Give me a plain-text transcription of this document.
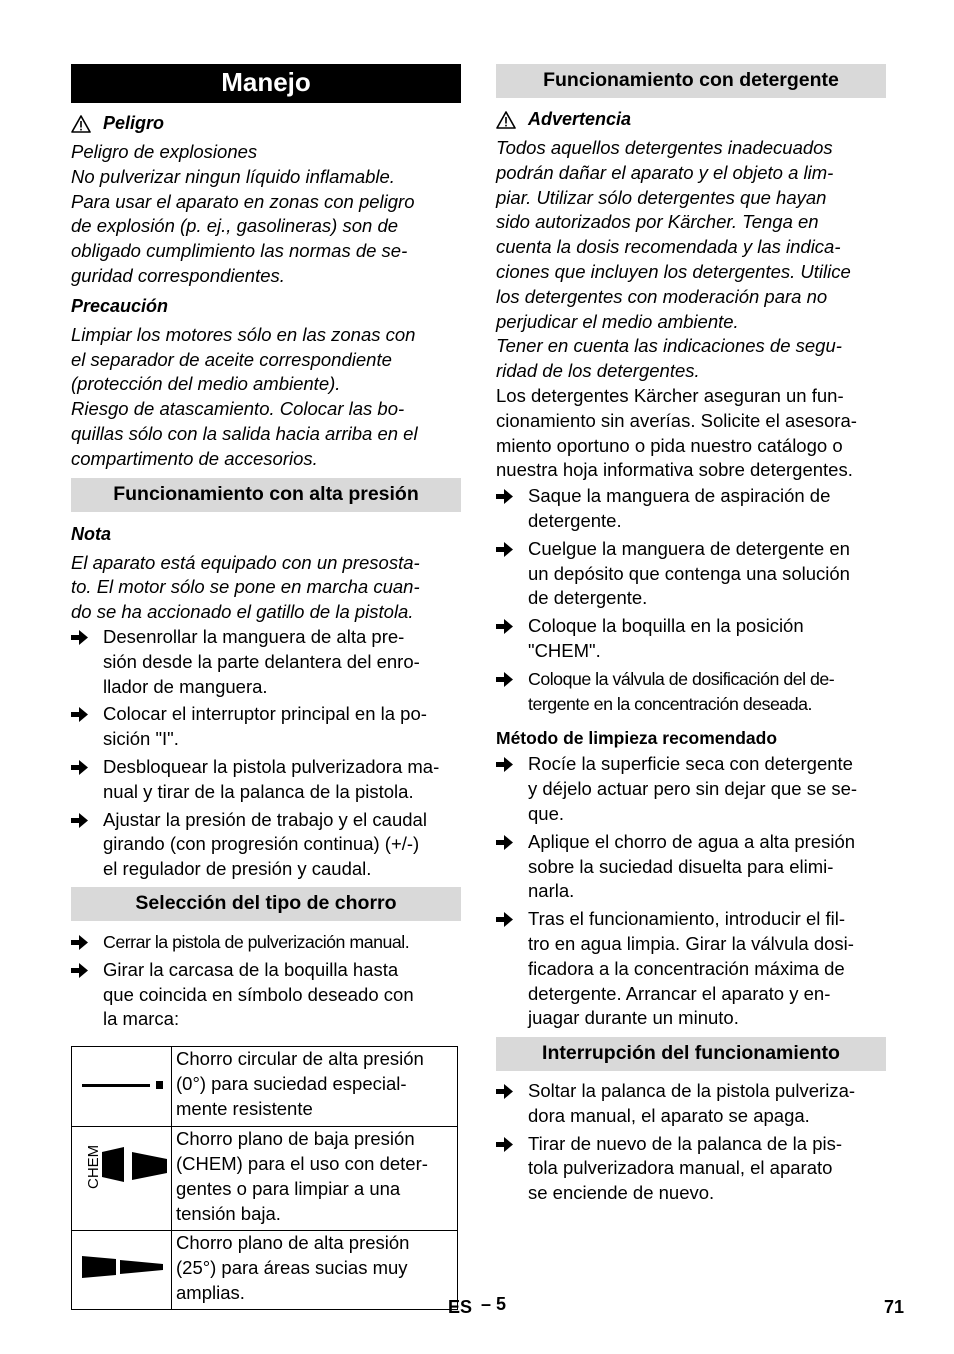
Manejo
Peligro

Peligro de explosiones
No pulverizar ningun líquido inflamable.
Para usar el aparato en zonas con peligro
de explosión (p. ej., gasolineras) son de
obligado cumplimiento las normas de se-
guridad correspondientes.

Precaución

Limpiar los motores sólo en las zonas con
el separador de aceite correspondiente
(protección del medio ambiente).
Riesgo de atascamiento. Colocar las bo-
quillas sólo con la salida hacia arriba en el
compartimento de accesorios.

Funcionamiento con alta presión
Nota

El aparato está equipado con un presosta-
to. El motor sólo se pone en marcha cuan-
do se ha accionado el gatillo de la pistola.

Desenrollar la manguera de alta pre-
sión desde la parte delantera del enro-
llador de manguera.
Colocar el interruptor principal en la po-
sición "I".
Desbloquear la pistola pulverizadora ma-
nual y tirar de la palanca de la pistola.
Ajustar la presión de trabajo y el caudal
girando (con progresión continua) (+/-)
el regulador de presión y caudal.
Selección del tipo de chorro
Cerrar la pistola de pulverización manual.
Girar la carcasa de la boquilla hasta
que coincida en símbolo deseado con
la marca:
	Chorro circular de alta presión
(0°) para suciedad especial-
mente resistente

CHEM	Chorro plano de baja presión
(CHEM) para el uso con deter-
gentes o para limpiar a una
tensión baja.

	Chorro plano de alta presión
(25°) para áreas sucias muy
amplias.
Funcionamiento con detergente
Advertencia

Todos aquellos detergentes inadecuados
podrán dañar el aparato y el objeto a lim-
piar. Utilizar sólo detergentes que hayan
sido autorizados por Kärcher. Tenga en
cuenta la dosis recomendada y las indica-
ciones que incluyen los detergentes. Utilice
los detergentes con moderación para no
perjudicar el medio ambiente.
Tener en cuenta las indicaciones de segu-
ridad de los detergentes.

Los detergentes Kärcher aseguran un fun-
cionamiento sin averías. Solicite el asesora-
miento oportuno o pida nuestro catálogo o
nuestra hoja informativa sobre detergentes.

Saque la manguera de aspiración de
detergente.
Cuelgue la manguera de detergente en
un depósito que contenga una solución
de detergente.
Coloque la boquilla en la posición
"CHEM".
Coloque la válvula de dosificación del de-
tergente en la concentración deseada.
Método de limpieza recomendado
Rocíe la superficie seca con detergente
y déjelo actuar pero sin dejar que se se-
que.
Aplique el chorro de agua a alta presión
sobre la suciedad disuelta para elimi-
narla.
Tras el funcionamiento, introducir el fil-
tro en agua limpia. Girar la válvula dosi-
ficadora a la concentración máxima de
detergente. Arrancar el aparato y en-
juagar durante un minuto.
Interrupción del funcionamiento
Soltar la palanca de la pistola pulveriza-
dora manual, el aparato se apaga.
Tirar de nuevo de la palanca de la pis-
tola pulverizadora manual, el aparato
se enciende de nuevo.
ES – 5	71
